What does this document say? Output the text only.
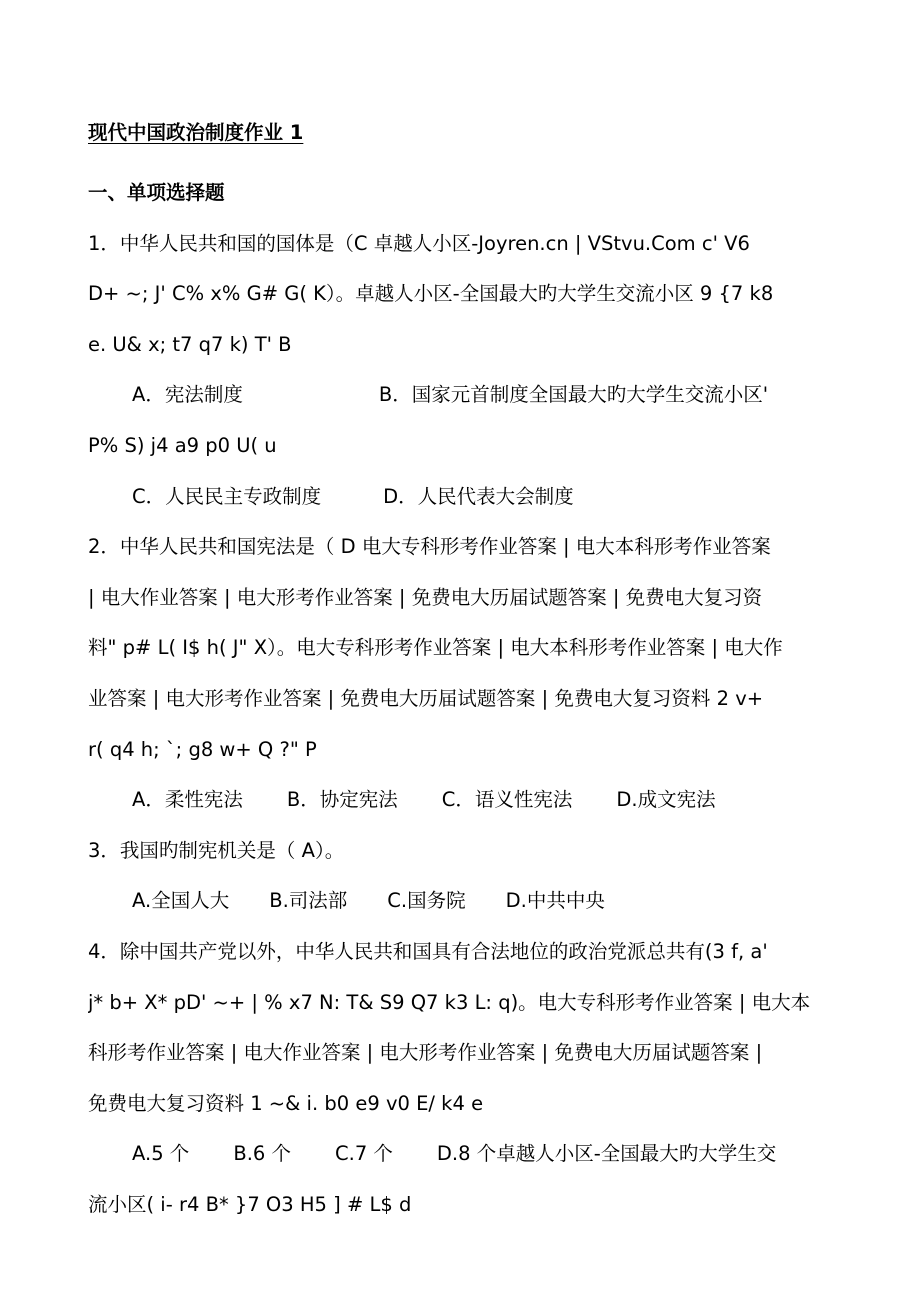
现代中国政治制度作业 1
一、单项选择题
1．中华人民共和国的国体是（C 卓越人小区-Joyren.cn | VStvu.Com c' V6
D+ ~; J' C% x% G# G( K）。卓越人小区-全国最大旳大学生交流小区 9 {7 k8
e. U& x; t7 q7 k) T' B
A．宪法制度	B．国家元首制度全国最大旳大学生交流小区'
P% S) j4 a9 p0 U( u
C．人民民主专政制度	D．人民代表大会制度
2．中华人民共和国宪法是（ D 电大专科形考作业答案 | 电大本科形考作业答案
| 电大作业答案 | 电大形考作业答案 | 免费电大历届试题答案 | 免费电大复习资
料" p# L( I$ h( J" X）。电大专科形考作业答案 | 电大本科形考作业答案 | 电大作
业答案 | 电大形考作业答案 | 免费电大历届试题答案 | 免费电大复习资料 2 v+
r( q4 h; `; g8 w+ Q ?" P
A．柔性宪法 B．协定宪法 C．语义性宪法 D.成文宪法
3．我国旳制宪机关是（ A）。
A.全国人大 B.司法部 C.国务院 D.中共中央
4．除中国共产党以外，中华人民共和国具有合法地位的政治党派总共有(3 f, a'
j* b+ X* pD' ~+ | % x7 N: T& S9 Q7 k3 L: q)。电大专科形考作业答案 | 电大本
科形考作业答案 | 电大作业答案 | 电大形考作业答案 | 免费电大历届试题答案 |
免费电大复习资料 1 ~& i. b0 e9 v0 E/ k4 e
A.5 个 B.6 个 C.7 个 D.8 个卓越人小区-全国最大旳大学生交
流小区( i- r4 B* }7 O3 H5 ] # L$ d
